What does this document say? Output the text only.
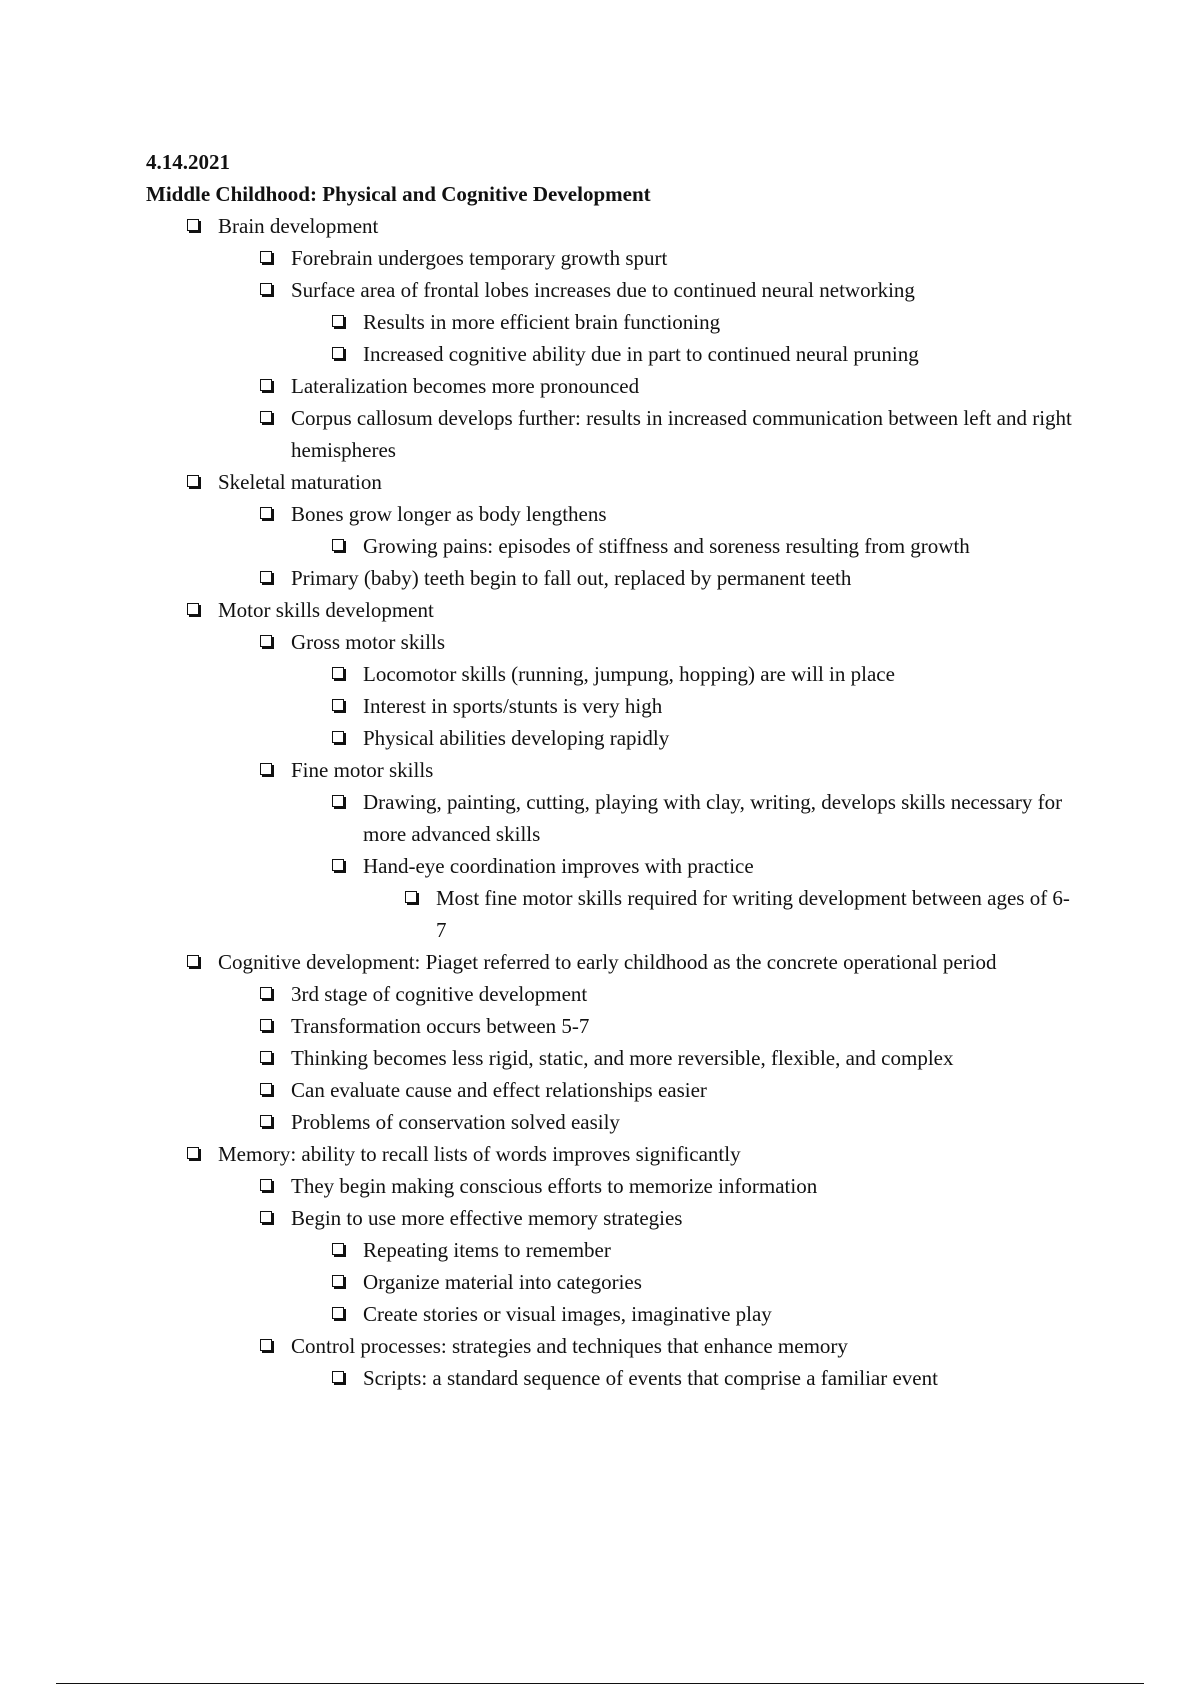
4.14.2021
Middle Childhood: Physical and Cognitive Development
Brain development
Forebrain undergoes temporary growth spurt
Surface area of frontal lobes increases due to continued neural networking
Results in more efficient brain functioning
Increased cognitive ability due in part to continued neural pruning
Lateralization becomes more pronounced
Corpus callosum develops further: results in increased communication between left and right hemispheres
Skeletal maturation
Bones grow longer as body lengthens
Growing pains: episodes of stiffness and soreness resulting from growth
Primary (baby) teeth begin to fall out, replaced by permanent teeth
Motor skills development
Gross motor skills
Locomotor skills (running, jumpung, hopping) are will in place
Interest in sports/stunts is very high
Physical abilities developing rapidly
Fine motor skills
Drawing, painting, cutting, playing with clay, writing, develops skills necessary for more advanced skills
Hand-eye coordination improves with practice
Most fine motor skills required for writing development between ages of 6-7
Cognitive development: Piaget referred to early childhood as the concrete operational period
3rd stage of cognitive development
Transformation occurs between 5-7
Thinking becomes less rigid, static, and more reversible, flexible, and complex
Can evaluate cause and effect relationships easier
Problems of conservation solved easily
Memory: ability to recall lists of words improves significantly
They begin making conscious efforts to memorize information
Begin to use more effective memory strategies
Repeating items to remember
Organize material into categories
Create stories or visual images, imaginative play
Control processes: strategies and techniques that enhance memory
Scripts: a standard sequence of events that comprise a familiar event
